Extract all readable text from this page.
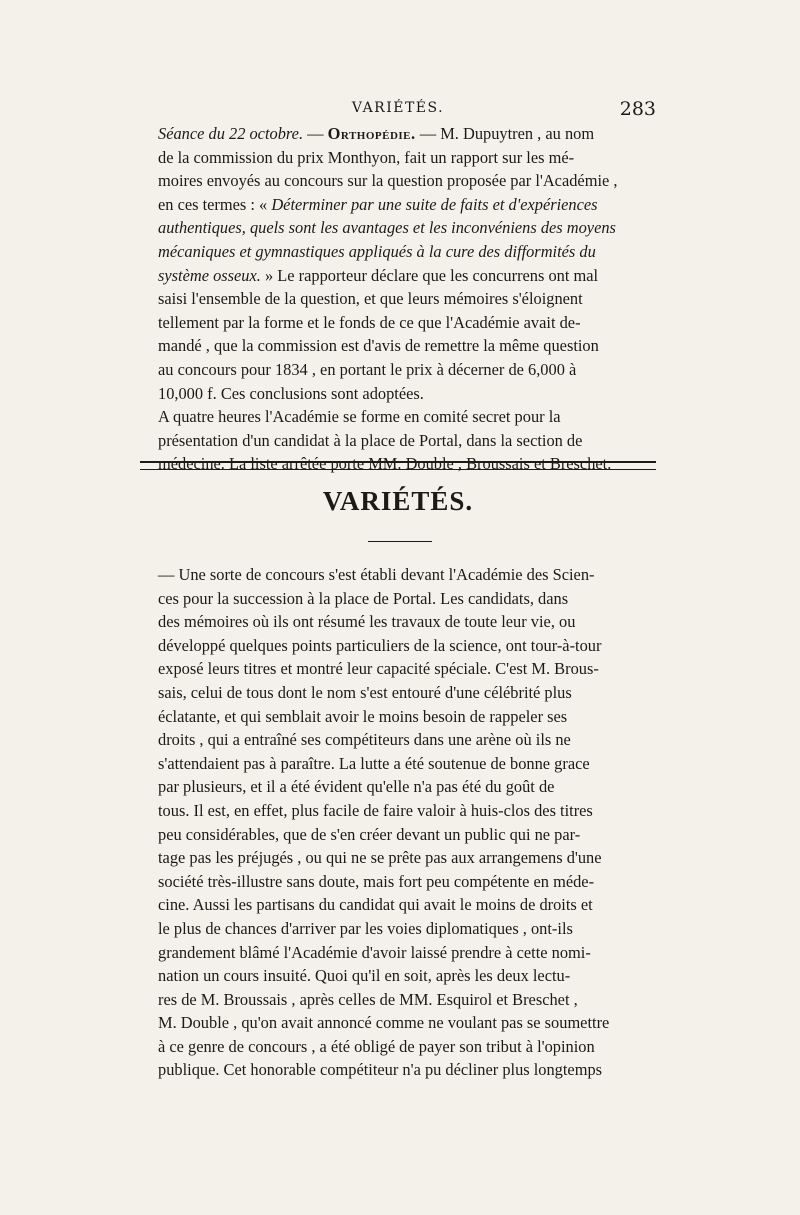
VARIÉTÉS.	283

Séance du 22 octobre. — Orthopédie. — M. Dupuytren , au nom
de la commission du prix Monthyon, fait un rapport sur les mé-
moires envoyés au concours sur la question proposée par l'Académie ,
en ces termes : « Déterminer par une suite de faits et d'expériences
authentiques, quels sont les avantages et les inconvéniens des moyens
mécaniques et gymnastiques appliqués à la cure des difformités du
système osseux. » Le rapporteur déclare que les concurrens ont mal
saisi l'ensemble de la question, et que leurs mémoires s'éloignent
tellement par la forme et le fonds de ce que l'Académie avait de-
mandé , que la commission est d'avis de remettre la même question
au concours pour 1834 , en portant le prix à décerner de 6,000 à
10,000 f. Ces conclusions sont adoptées.

A quatre heures l'Académie se forme en comité secret pour la
présentation d'un candidat à la place de Portal, dans la section de
médecine. La liste arrêtée porte MM. Double , Broussais et Breschet.

VARIÉTÉS.

— Une sorte de concours s'est établi devant l'Académie des Scien-
ces pour la succession à la place de Portal. Les candidats, dans
des mémoires où ils ont résumé les travaux de toute leur vie, ou
développé quelques points particuliers de la science, ont tour-à-tour
exposé leurs titres et montré leur capacité spéciale. C'est M. Brous-
sais, celui de tous dont le nom s'est entouré d'une célébrité plus
éclatante, et qui semblait avoir le moins besoin de rappeler ses
droits , qui a entraîné ses compétiteurs dans une arène où ils ne
s'attendaient pas à paraître. La lutte a été soutenue de bonne grace
par plusieurs, et il a été évident qu'elle n'a pas été du goût de
tous. Il est, en effet, plus facile de faire valoir à huis-clos des titres
peu considérables, que de s'en créer devant un public qui ne par-
tage pas les préjugés , ou qui ne se prête pas aux arrangemens d'une
société très-illustre sans doute, mais fort peu compétente en méde-
cine. Aussi les partisans du candidat qui avait le moins de droits et
le plus de chances d'arriver par les voies diplomatiques , ont-ils
grandement blâmé l'Académie d'avoir laissé prendre à cette nomi-
nation un cours insuité. Quoi qu'il en soit, après les deux lectu-
res de M. Broussais , après celles de MM. Esquirol et Breschet ,
M. Double , qu'on avait annoncé comme ne voulant pas se soumettre
à ce genre de concours , a été obligé de payer son tribut à l'opinion
publique. Cet honorable compétiteur n'a pu décliner plus longtemps
